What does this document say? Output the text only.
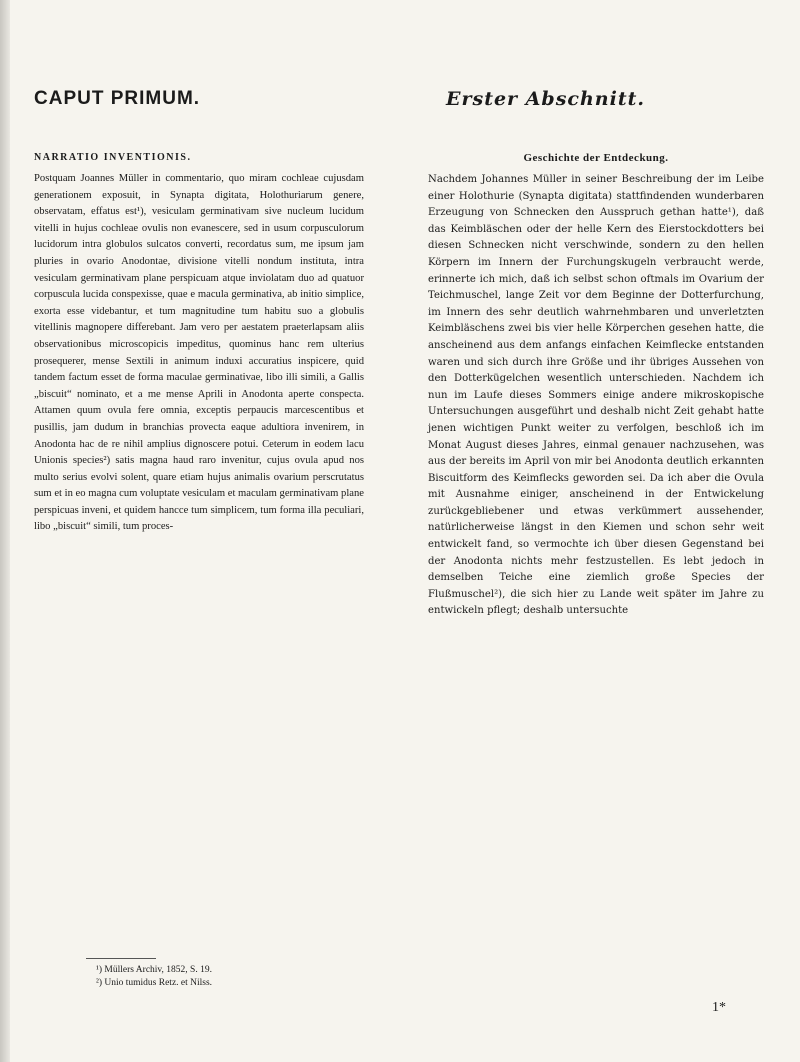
CAPUT PRIMUM.	Erster Abschnitt.

NARRATIO INVENTIONIS.

Postquam Joannes Müller in commentario, quo miram cochleae cujusdam generationem exposuit, in Synapta digitata, Holothuriarum genere, observatam, effatus est¹), vesiculam germinativam sive nucleum lucidum vitelli in hujus cochleae ovulis non evanescere, sed in usum corpusculorum lucidorum intra globulos sulcatos converti, recordatus sum, me ipsum jam pluries in ovario Anodontae, divisione vitelli nondum instituta, intra vesiculam germinativam plane perspicuam atque inviolatam duo ad quatuor corpuscula lucida conspexisse, quae e macula germinativa, ab initio simplice, exorta esse videbantur, et tum magnitudine tum habitu suo a globulis vitellinis magnopere differebant. Jam vero per aestatem praeterlapsam aliis observationibus microscopicis impeditus, quominus hanc rem ulterius prosequerer, mense Sextili in animum induxi accuratius inspicere, quid tandem factum esset de forma maculae germinativae, libo illi simili, a Gallis „biscuit“ nominato, et a me mense Aprili in Anodonta aperte conspecta. Attamen quum ovula fere omnia, exceptis perpaucis marcescentibus et pusillis, jam dudum in branchias provecta eaque adultiora invenirem, in Anodonta hac de re nihil amplius dignoscere potui. Ceterum in eodem lacu Unionis species²) satis magna haud raro invenitur, cujus ovula apud nos multo serius evolvi solent, quare etiam hujus animalis ovarium perscrutatus sum et in eo magna cum voluptate vesiculam et maculam germinativam plane perspicuas inveni, et quidem hancce tum simplicem, tum forma illa peculiari, libo „biscuit“ simili, tum proces-

Geschichte der Entdeckung.

Nachdem Johannes Müller in seiner Beschreibung der im Leibe einer Holothurie (Synapta digitata) stattfindenden wunderbaren Erzeugung von Schnecken den Ausspruch gethan hatte¹), daß das Keimbläschen oder der helle Kern des Eierstockdotters bei diesen Schnecken nicht verschwinde, sondern zu den hellen Körpern im Innern der Furchungskugeln verbraucht werde, erinnerte ich mich, daß ich selbst schon oftmals im Ovarium der Teichmuschel, lange Zeit vor dem Beginne der Dotterfurchung, im Innern des sehr deutlich wahrnehmbaren und unverletzten Keimbläschens zwei bis vier helle Körperchen gesehen hatte, die anscheinend aus dem anfangs einfachen Keimflecke entstanden waren und sich durch ihre Größe und ihr übriges Aussehen von den Dotterkügelchen wesentlich unterschieden. Nachdem ich nun im Laufe dieses Sommers einige andere mikroskopische Untersuchungen ausgeführt und deshalb nicht Zeit gehabt hatte jenen wichtigen Punkt weiter zu verfolgen, beschloß ich im Monat August dieses Jahres, einmal genauer nachzusehen, was aus der bereits im April von mir bei Anodonta deutlich erkannten Biscuitform des Keimflecks geworden sei. Da ich aber die Ovula mit Ausnahme einiger, anscheinend in der Entwickelung zurückgebliebener und etwas verkümmert aussehender, natürlicherweise längst in den Kiemen und schon sehr weit entwickelt fand, so vermochte ich über diesen Gegenstand bei der Anodonta nichts mehr festzustellen. Es lebt jedoch in demselben Teiche eine ziemlich große Species der Flußmuschel²), die sich hier zu Lande weit später im Jahre zu entwickeln pflegt; deshalb untersuchte

¹) Müllers Archiv, 1852, S. 19.
²) Unio tumidus Retz. et Nilss.
1*
